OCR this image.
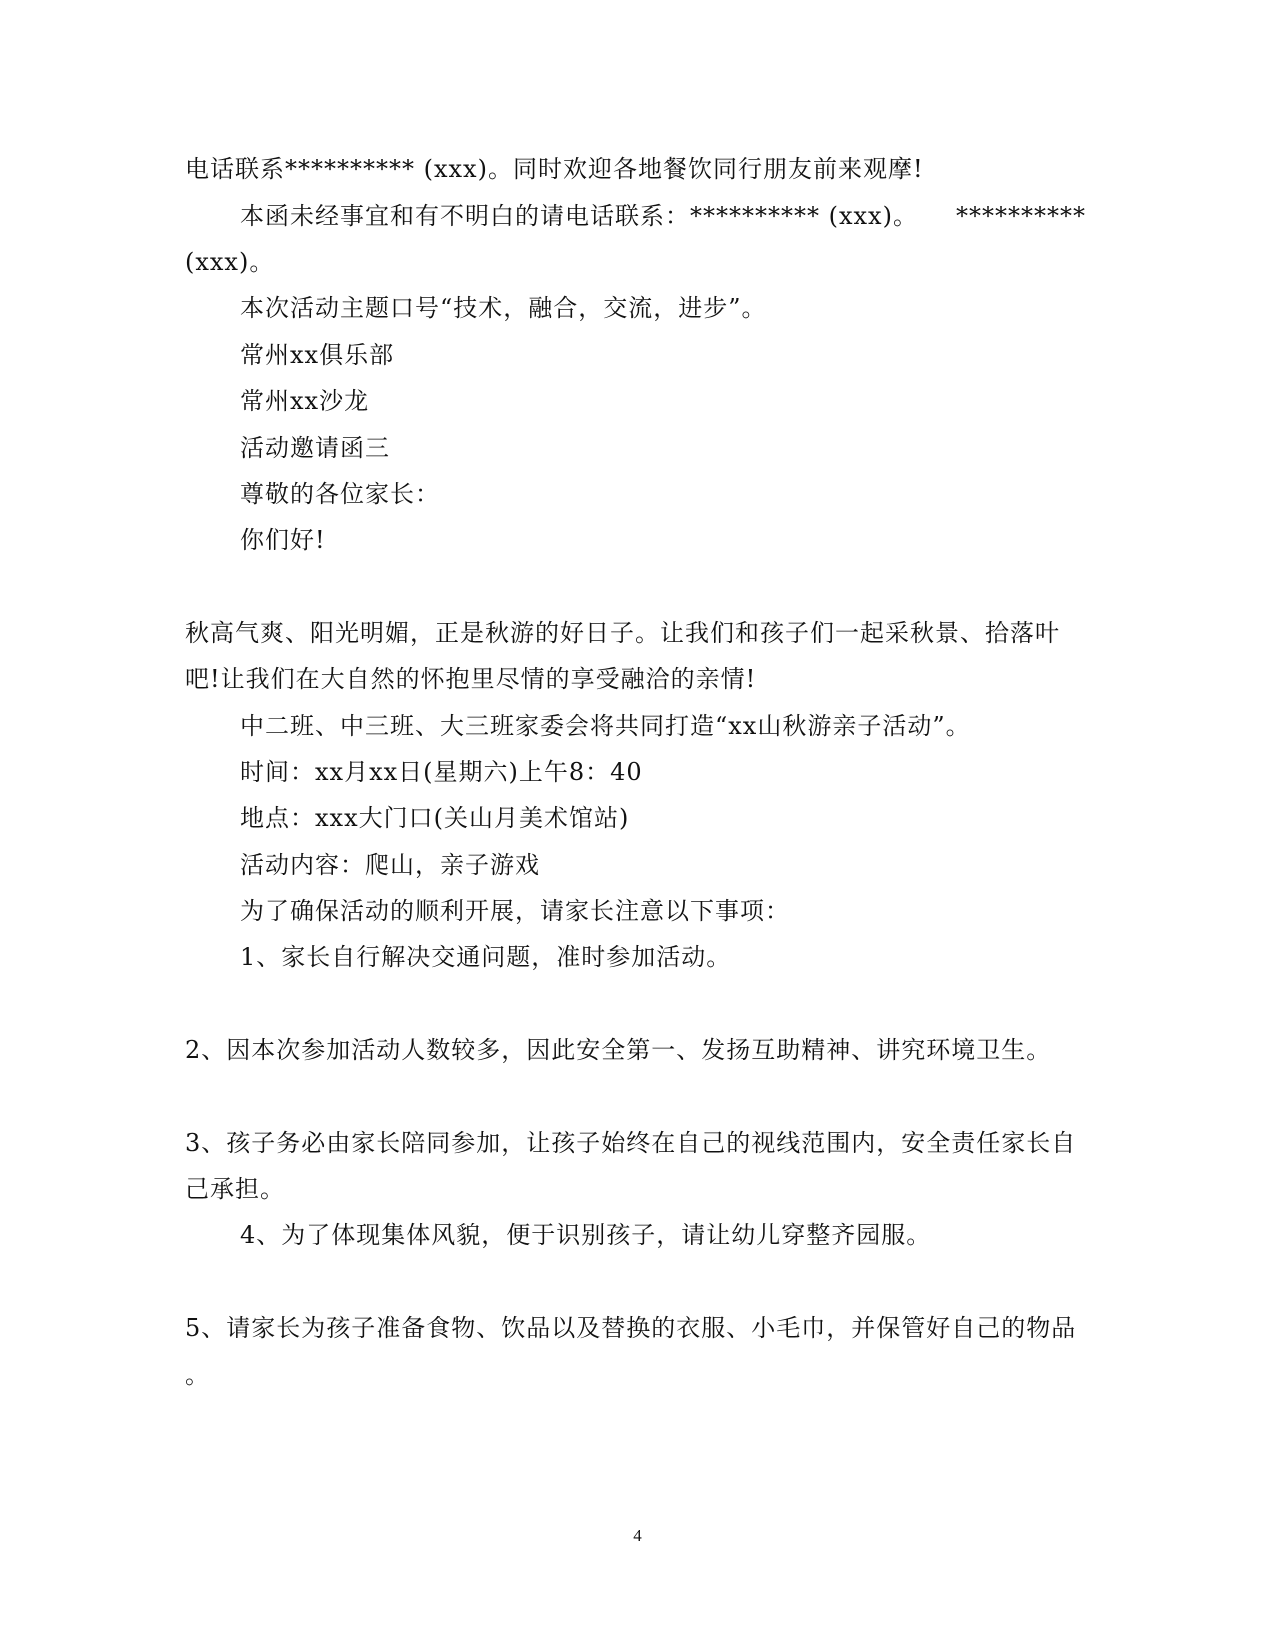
电话联系********** (xxx)。同时欢迎各地餐饮同行朋友前来观摩!
本函未经事宜和有不明白的请电话联系：********** (xxx)。　　**********
(xxx)。
本次活动主题口号“技术，融合，交流，进步”。
常州xx俱乐部
常州xx沙龙
活动邀请函三
尊敬的各位家长：
你们好!
秋高气爽、阳光明媚，正是秋游的好日子。让我们和孩子们一起采秋景、拾落叶
吧!让我们在大自然的怀抱里尽情的享受融洽的亲情!
中二班、中三班、大三班家委会将共同打造“xx山秋游亲子活动”。
时间：xx月xx日(星期六)上午8：40
地点：xxx大门口(关山月美术馆站)
活动内容：爬山，亲子游戏
为了确保活动的顺利开展，请家长注意以下事项：
1、家长自行解决交通问题，准时参加活动。
2、因本次参加活动人数较多，因此安全第一、发扬互助精神、讲究环境卫生。
3、孩子务必由家长陪同参加，让孩子始终在自己的视线范围内，安全责任家长自
己承担。
4、为了体现集体风貌，便于识别孩子，请让幼儿穿整齐园服。
5、请家长为孩子准备食物、饮品以及替换的衣服、小毛巾，并保管好自己的物品
。
4
